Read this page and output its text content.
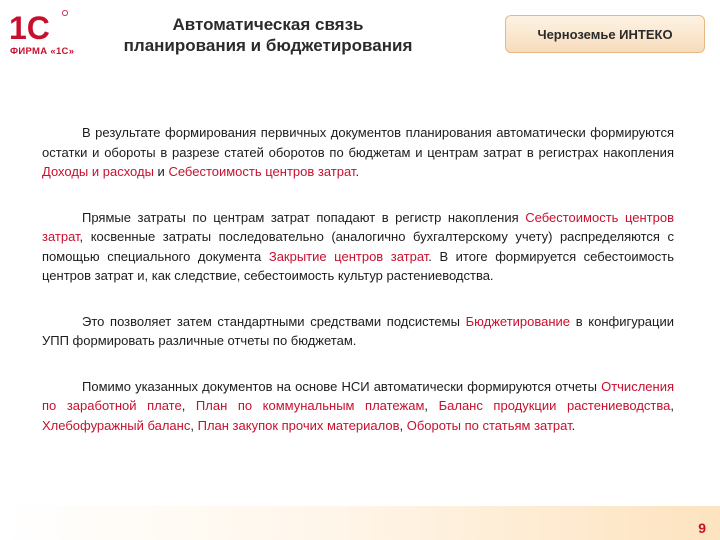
1С
ФИРМА «1С»
Автоматическая связь
планирования и бюджетирования
Черноземье ИНТЕКО

В результате формирования первичных документов планирования автоматически формируются остатки и обороты в разрезе статей оборотов по бюджетам и центрам затрат в регистрах накопления Доходы и расходы и Себестоимость центров затрат.

Прямые затраты по центрам затрат попадают в регистр накопления Себестоимость центров затрат, косвенные затраты последовательно (аналогично бухгалтерскому учету) распределяются с помощью специального документа Закрытие центров затрат. В итоге формируется себестоимость центров затрат и, как следствие, себестоимость культур растениеводства.

Это позволяет затем стандартными средствами подсистемы Бюджетирование в конфигурации УПП формировать различные отчеты по бюджетам.

Помимо указанных документов на основе НСИ автоматически формируются отчеты Отчисления по заработной плате, План по коммунальным платежам, Баланс продукции растениеводства, Хлебофуражный баланс, План закупок прочих материалов, Обороты по статьям затрат.

9
